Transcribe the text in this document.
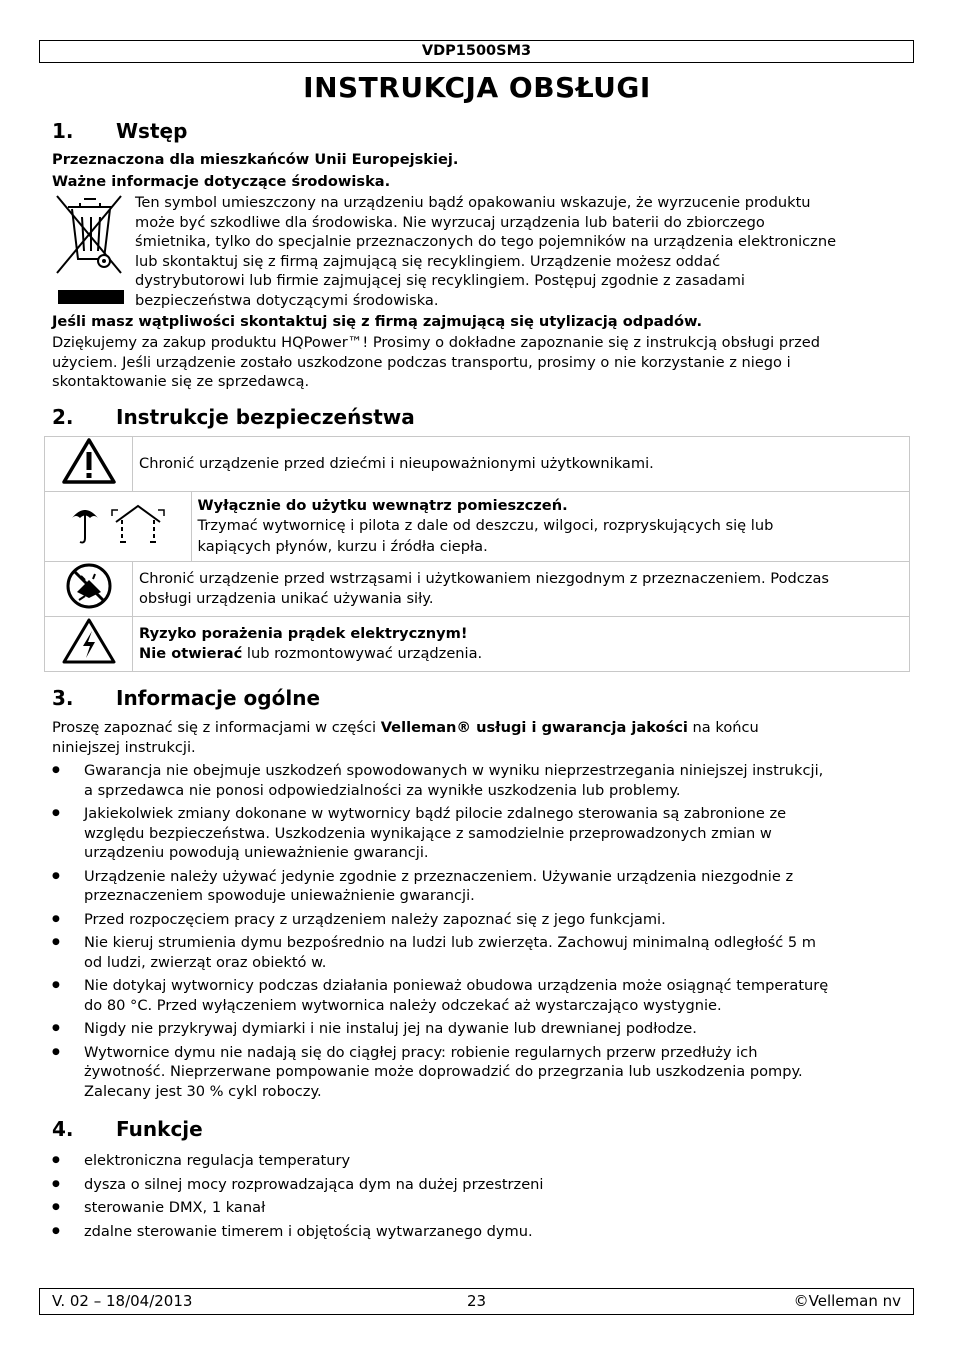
VDP1500SM3
INSTRUKCJA OBSŁUGI
1. Wstęp
Przeznaczona dla mieszkańców Unii Europejskiej.
Ważne informacje dotyczące środowiska.
Ten symbol umieszczony na urządzeniu bądź opakowaniu wskazuje, że wyrzucenie produktu
może być szkodliwe dla środowiska. Nie wyrzucaj urządzenia lub baterii do zbiorczego
śmietnika, tylko do specjalnie przeznaczonych do tego pojemników na urządzenia elektroniczne
lub skontaktuj się z firmą zajmującą się recyklingiem. Urządzenie możesz oddać
dystrybutorowi lub firmie zajmującej się recyklingiem. Postępuj zgodnie z zasadami
bezpieczeństwa dotyczącymi środowiska.
Jeśli masz wątpliwości skontaktuj się z firmą zajmującą się utylizacją odpadów.
Dziękujemy za zakup produktu HQPower™! Prosimy o dokładne zapoznanie się z instrukcją obsługi przed
użyciem. Jeśli urządzenie zostało uszkodzone podczas transportu, prosimy o nie korzystanie z niego i
skontaktowanie się ze sprzedawcą.
2. Instrukcje bezpieczeństwa
	Chronić urządzenie przed dziećmi i nieupoważnionymi użytkownikami.	

Wyłącznie do użytku wewnątrz pomieszczeń.
Trzymać wytwornicę i pilota z dale od deszczu, wilgoci, rozpryskujących się lub
kapiących płynów, kurzu i źródła ciepła.

Chronić urządzenie przed wstrząsami i użytkowaniem niezgodnym z przeznaczeniem. Podczas
obsługi urządzenia unikać używania siły.	

Ryzyko porażenia prądek elektrycznym!
Nie otwierać lub rozmontowywać urządzenia.	
3. Informacje ogólne
Proszę zapoznać się z informacjami w części Velleman® usługi i gwarancja jakości na końcu
niniejszej instrukcji.
● Gwarancja nie obejmuje uszkodzeń spowodowanych w wyniku nieprzestrzegania niniejszej instrukcji,
a sprzedawca nie ponosi odpowiedzialności za wynikłe uszkodzenia lub problemy.
● Jakiekolwiek zmiany dokonane w wytwornicy bądź pilocie zdalnego sterowania są zabronione ze
względu bezpieczeństwa. Uszkodzenia wynikające z samodzielnie przeprowadzonych zmian w
urządzeniu powodują unieważnienie gwarancji.
● Urządzenie należy używać jedynie zgodnie z przeznaczeniem. Używanie urządzenia niezgodnie z
przeznaczeniem spowoduje unieważnienie gwarancji.
● Przed rozpoczęciem pracy z urządzeniem należy zapoznać się z jego funkcjami.
● Nie kieruj strumienia dymu bezpośrednio na ludzi lub zwierzęta. Zachowuj minimalną odległość 5 m
od ludzi, zwierząt oraz obiektó w.
● Nie dotykaj wytwornicy podczas działania ponieważ obudowa urządzenia może osiągnąć temperaturę
do 80 °C. Przed wyłączeniem wytwornica należy odczekać aż wystarczająco wystygnie.
● Nigdy nie przykrywaj dymiarki i nie instaluj jej na dywanie lub drewnianej podłodze.
● Wytwornice dymu nie nadają się do ciągłej pracy: robienie regularnych przerw przedłuży ich
żywotność. Nieprzerwane pompowanie może doprowadzić do przegrzania lub uszkodzenia pompy.
Zalecany jest 30 % cykl roboczy.
4. Funkcje
● elektroniczna regulacja temperatury
● dysza o silnej mocy rozprowadzająca dym na dużej przestrzeni
● sterowanie DMX, 1 kanał
● zdalne sterowanie timerem i objętością wytwarzanego dymu.
V. 02 – 18/04/2013	23	©Velleman nv
